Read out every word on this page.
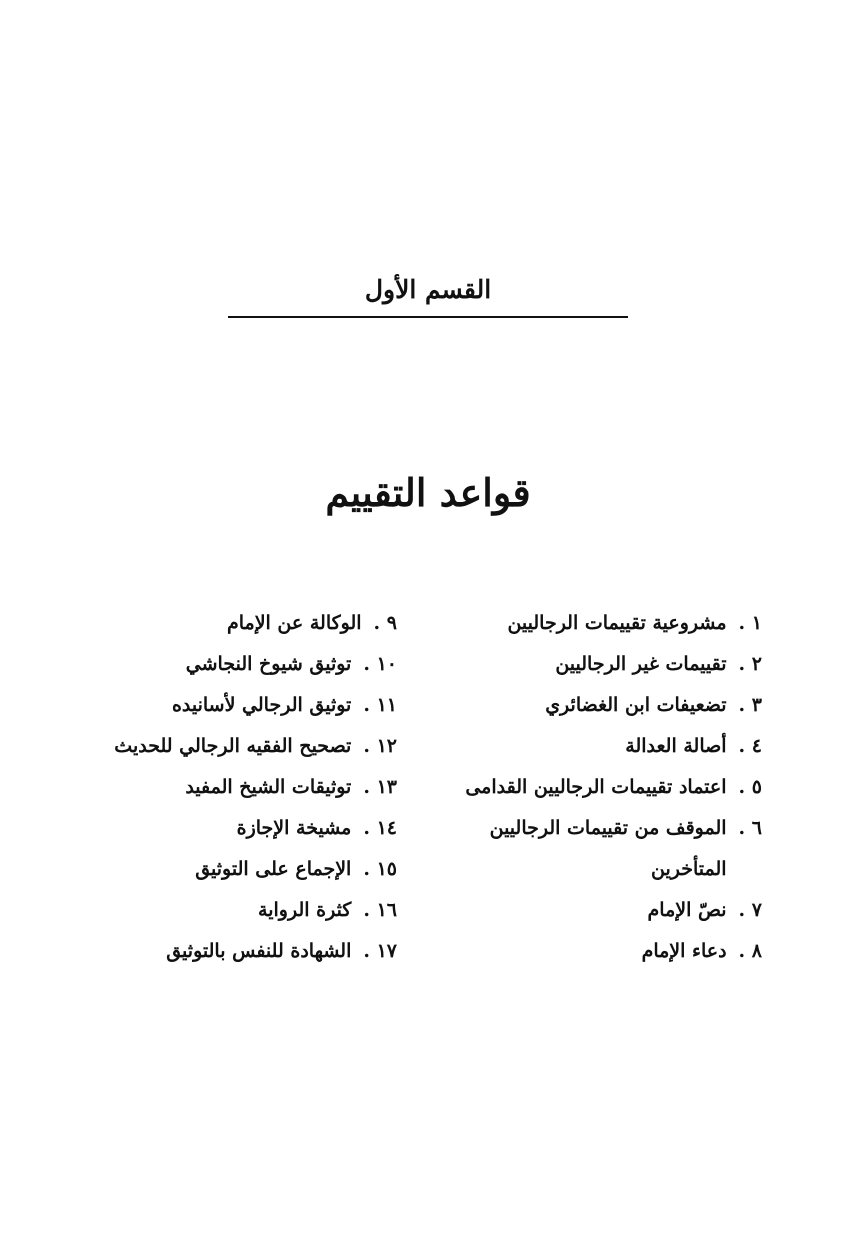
القسم الأول
قواعد التقييم
١ .
مشروعية تقييمات الرجاليين
٢ .
تقييمات غير الرجاليين
٣ .
تضعيفات ابن الغضائري
٤ .
أصالة العدالة
٥ .
اعتماد تقييمات الرجاليين القدامى
٦ .
الموقف من تقييمات الرجاليين المتأخرين
٧ .
نصّ الإمام
٨ .
دعاء الإمام
٩ .
الوكالة عن الإمام
١٠ .
توثيق شيوخ النجاشي
١١ .
توثيق الرجالي لأسانيده
١٢ .
تصحيح الفقيه الرجالي للحديث
١٣ .
توثيقات الشيخ المفيد
١٤ .
مشيخة الإجازة
١٥ .
الإجماع على التوثيق
١٦ .
كثرة الرواية
١٧ .
الشهادة للنفس بالتوثيق
